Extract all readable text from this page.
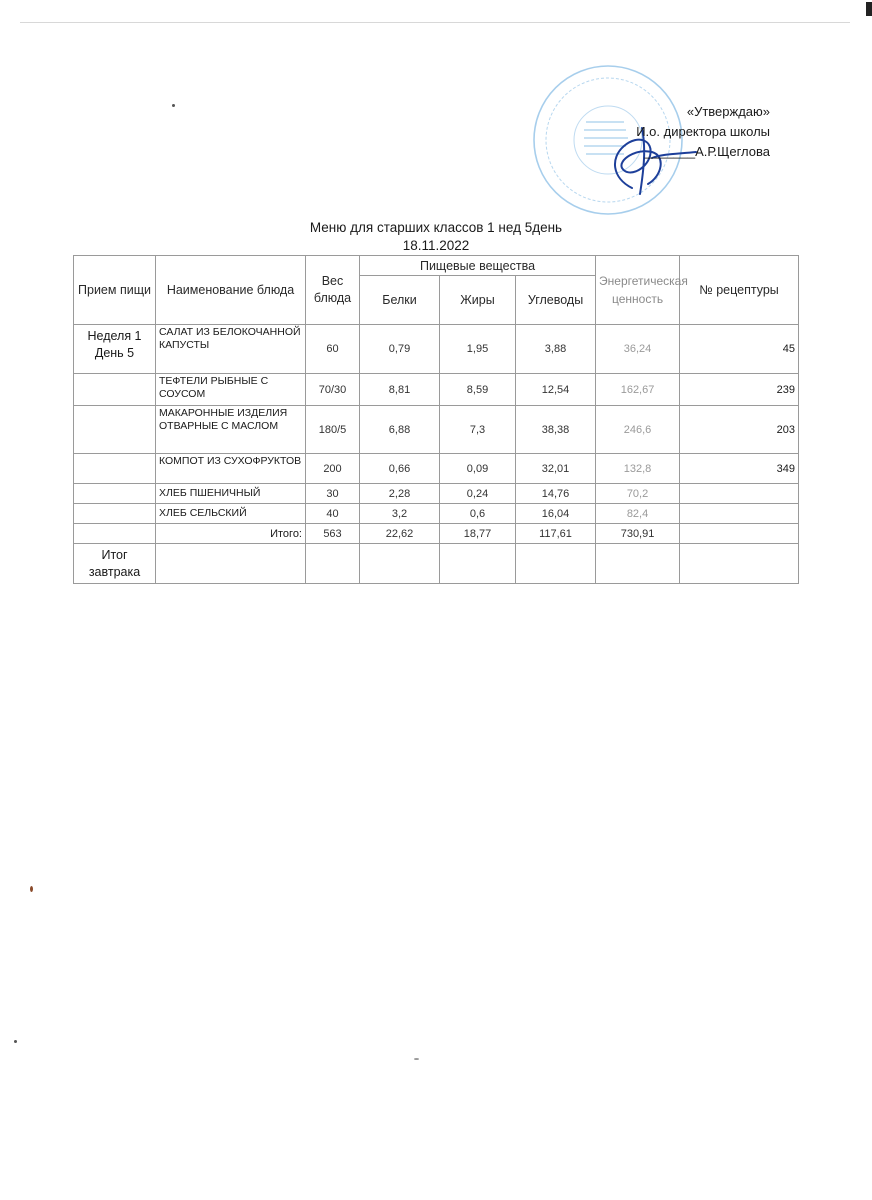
«Утверждаю»
И.о. директора школы
_______А.Р.Щеглова
Меню для старших классов 1 нед 5день
18.11.2022
Прием пищи	Наименование блюда	Вес блюда	Пищевые вещества			Энергетическая ценность	№ рецептуры
			Белки	Жиры	Углеводы		
Неделя 1 День 5	САЛАТ ИЗ БЕЛОКОЧАННОЙ КАПУСТЫ	60	0,79	1,95	3,88	36,24	45
	ТЕФТЕЛИ РЫБНЫЕ С СОУСОМ	70/30	8,81	8,59	12,54	162,67	239
	МАКАРОННЫЕ ИЗДЕЛИЯ ОТВАРНЫЕ С МАСЛОМ	180/5	6,88	7,3	38,38	246,6	203
	КОМПОТ ИЗ СУХОФРУКТОВ	200	0,66	0,09	32,01	132,8	349
	ХЛЕБ ПШЕНИЧНЫЙ	30	2,28	0,24	14,76	70,2	
	ХЛЕБ СЕЛЬСКИЙ	40	3,2	0,6	16,04	82,4	
	Итого:	563	22,62	18,77	117,61	730,91	
Итог завтрака							
